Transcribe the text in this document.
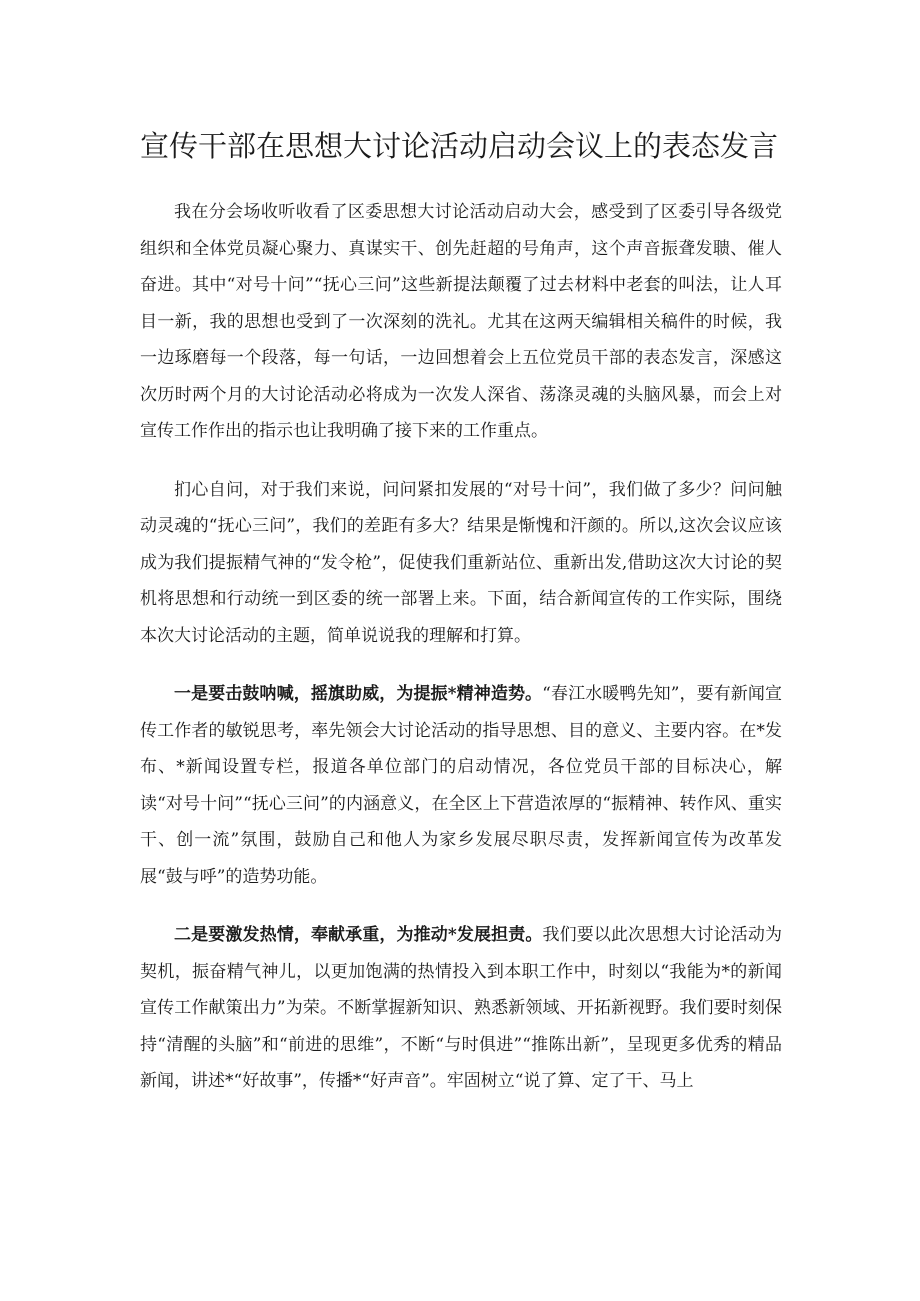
宣传干部在思想大讨论活动启动会议上的表态发言

我在分会场收听收看了区委思想大讨论活动启动大会，感受到了区委引导各级党组织和全体党员凝心聚力、真谋实干、创先赶超的号角声，这个声音振聋发聩、催人奋进。其中“对号十问”“抚心三问”这些新提法颠覆了过去材料中老套的叫法，让人耳目一新，我的思想也受到了一次深刻的洗礼。尤其在这两天编辑相关稿件的时候，我一边琢磨每一个段落，每一句话，一边回想着会上五位党员干部的表态发言，深感这次历时两个月的大讨论活动必将成为一次发人深省、荡涤灵魂的头脑风暴，而会上对宣传工作作出的指示也让我明确了接下来的工作重点。

扪心自问，对于我们来说，问问紧扣发展的“对号十问”，我们做了多少？问问触动灵魂的“抚心三问”，我们的差距有多大？结果是惭愧和汗颜的。所以,这次会议应该成为我们提振精气神的“发令枪”，促使我们重新站位、重新出发,借助这次大讨论的契机将思想和行动统一到区委的统一部署上来。下面，结合新闻宣传的工作实际，围绕本次大讨论活动的主题，简单说说我的理解和打算。

一是要击鼓呐喊，摇旗助威，为提振*精神造势。“春江水暖鸭先知”，要有新闻宣传工作者的敏锐思考，率先领会大讨论活动的指导思想、目的意义、主要内容。在*发布、*新闻设置专栏，报道各单位部门的启动情况，各位党员干部的目标决心，解读“对号十问”“抚心三问”的内涵意义，在全区上下营造浓厚的“振精神、转作风、重实干、创一流”氛围，鼓励自己和他人为家乡发展尽职尽责，发挥新闻宣传为改革发展“鼓与呼”的造势功能。

二是要激发热情，奉献承重，为推动*发展担责。我们要以此次思想大讨论活动为契机，振奋精气神儿，以更加饱满的热情投入到本职工作中，时刻以“我能为*的新闻宣传工作献策出力”为荣。不断掌握新知识、熟悉新领域、开拓新视野。我们要时刻保持“清醒的头脑”和“前进的思维”，不断“与时俱进”“推陈出新”，呈现更多优秀的精品新闻，讲述*“好故事”，传播*“好声音”。牢固树立“说了算、定了干、马上
